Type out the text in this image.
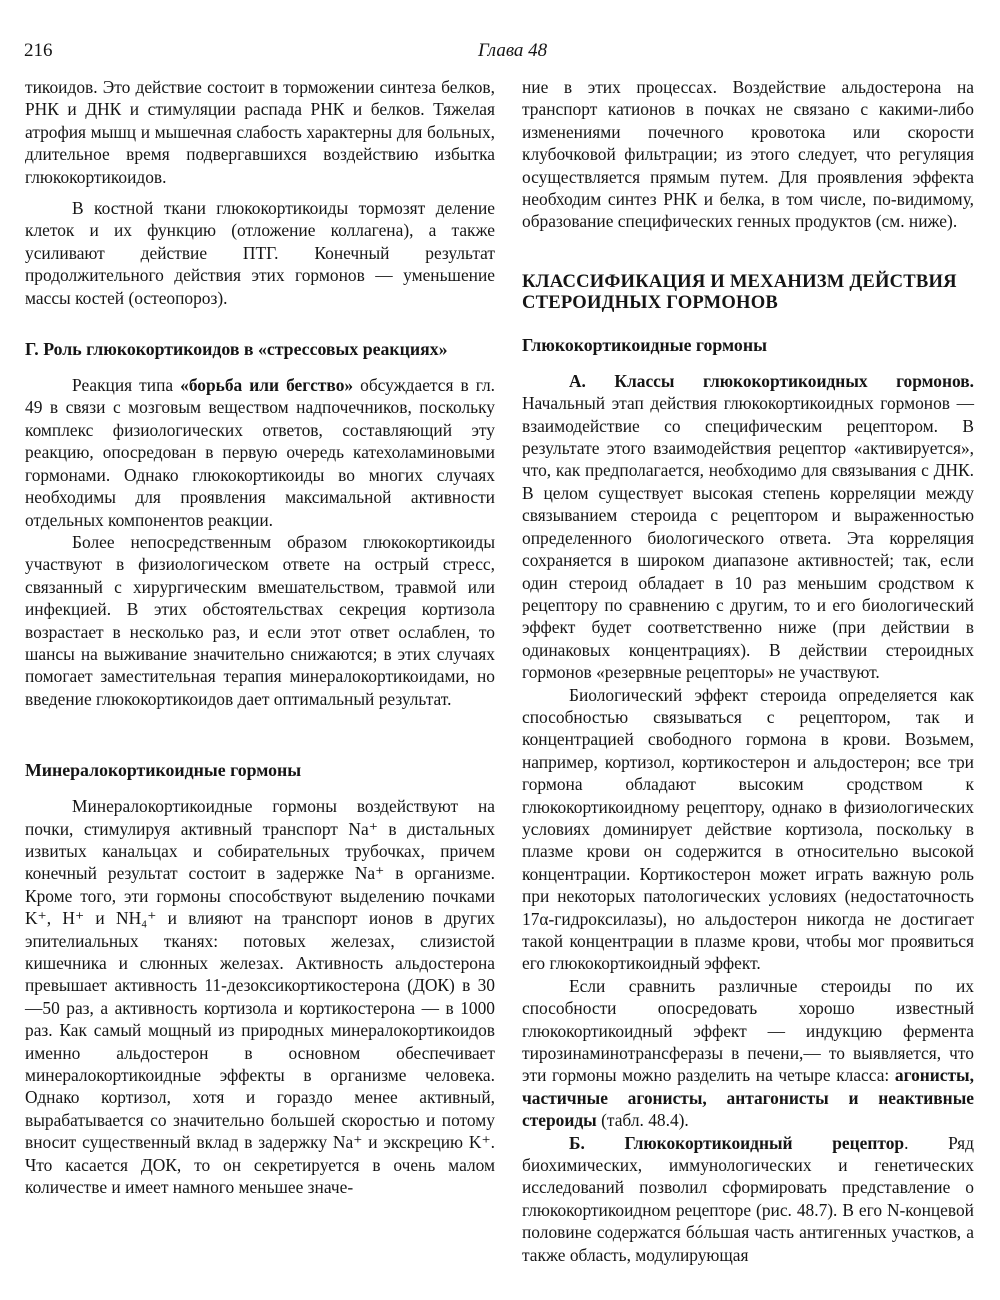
216	Глава 48

тикоидов. Это действие состоит в торможении синтеза белков, РНК и ДНК и стимуляции распада РНК и белков. Тяжелая атрофия мышц и мышечная слабость характерны для больных, длительное время подвергавшихся воздействию избытка глюкокортикоидов.

В костной ткани глюкокортикоиды тормозят деление клеток и их функцию (отложение коллагена), а также усиливают действие ПТГ. Конечный результат продолжительного действия этих гормонов — уменьшение массы костей (остеопороз).

Г. Роль глюкокортикоидов в «стрессовых реакциях»

Реакция типа «борьба или бегство» обсуждается в гл. 49 в связи с мозговым веществом надпочечников, поскольку комплекс физиологических ответов, составляющий эту реакцию, опосредован в первую очередь катехоламиновыми гормонами. Однако глюкокортикоиды во многих случаях необходимы для проявления максимальной активности отдельных компонентов реакции.

Более непосредственным образом глюкокортикоиды участвуют в физиологическом ответе на острый стресс, связанный с хирургическим вмешательством, травмой или инфекцией. В этих обстоятельствах секреция кортизола возрастает в несколько раз, и если этот ответ ослаблен, то шансы на выживание значительно снижаются; в этих случаях помогает заместительная терапия минералокортикоидами, но введение глюкокортикоидов дает оптимальный результат.

Минералокортикоидные гормоны

Минералокортикоидные гормоны воздействуют на почки, стимулируя активный транспорт Na⁺ в дистальных извитых канальцах и собирательных трубочках, причем конечный результат состоит в задержке Na⁺ в организме. Кроме того, эти гормоны способствуют выделению почками K⁺, H⁺ и NH₄⁺ и влияют на транспорт ионов в других эпителиальных тканях: потовых железах, слизистой кишечника и слюнных железах. Активность альдостерона превышает активность 11-дезоксикортикостерона (ДОК) в 30—50 раз, а активность кортизола и кортикостерона — в 1000 раз. Как самый мощный из природных минералокортикоидов именно альдостерон в основном обеспечивает минералокортикоидные эффекты в организме человека. Однако кортизол, хотя и гораздо менее активный, вырабатывается со значительно большей скоростью и потому вносит существенный вклад в задержку Na⁺ и экскрецию K⁺. Что касается ДОК, то он секретируется в очень малом количестве и имеет намного меньшее значе-

ние в этих процессах. Воздействие альдостерона на транспорт катионов в почках не связано с какими-либо изменениями почечного кровотока или скорости клубочковой фильтрации; из этого следует, что регуляция осуществляется прямым путем. Для проявления эффекта необходим синтез РНК и белка, в том числе, по-видимому, образование специфических генных продуктов (см. ниже).

КЛАССИФИКАЦИЯ И МЕХАНИЗМ ДЕЙСТВИЯ СТЕРОИДНЫХ ГОРМОНОВ
Глюкокортикоидные гормоны

А. Классы глюкокортикоидных гормонов. Начальный этап действия глюкокортикоидных гормонов — взаимодействие со специфическим рецептором. В результате этого взаимодействия рецептор «активируется», что, как предполагается, необходимо для связывания с ДНК. В целом существует высокая степень корреляции между связыванием стероида с рецептором и выраженностью определенного биологического ответа. Эта корреляция сохраняется в широком диапазоне активностей; так, если один стероид обладает в 10 раз меньшим сродством к рецептору по сравнению с другим, то и его биологический эффект будет соответственно ниже (при действии в одинаковых концентрациях). В действии стероидных гормонов «резервные рецепторы» не участвуют.

Биологический эффект стероида определяется как способностью связываться с рецептором, так и концентрацией свободного гормона в крови. Возьмем, например, кортизол, кортикостерон и альдостерон; все три гормона обладают высоким сродством к глюкокортикоидному рецептору, однако в физиологических условиях доминирует действие кортизола, поскольку в плазме крови он содержится в относительно высокой концентрации. Кортикостерон может играть важную роль при некоторых патологических условиях (недостаточность 17α-гидроксилазы), но альдостерон никогда не достигает такой концентрации в плазме крови, чтобы мог проявиться его глюкокортикоидный эффект.

Если сравнить различные стероиды по их способности опосредовать хорошо известный глюкокортикоидный эффект — индукцию фермента тирозинаминотрансферазы в печени,— то выявляется, что эти гормоны можно разделить на четыре класса: агонисты, частичные агонисты, антагонисты и неактивные стероиды (табл. 48.4).

Б. Глюкокортикоидный рецептор. Ряд биохимических, иммунологических и генетических исследований позволил сформировать представление о глюкокортикоидном рецепторе (рис. 48.7). В его N-концевой половине содержатся бóльшая часть антигенных участков, а также область, модулирующая
